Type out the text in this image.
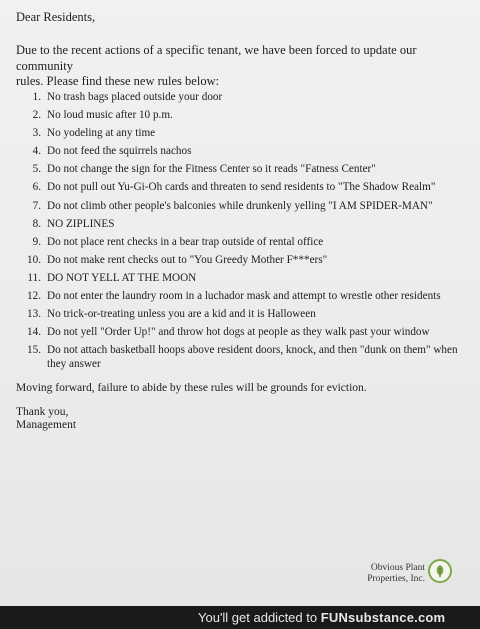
Dear Residents,
Due to the recent actions of a specific tenant, we have been forced to update our community
rules. Please find these new rules below:
1. No trash bags placed outside your door
2. No loud music after 10 p.m.
3. No yodeling at any time
4. Do not feed the squirrels nachos
5. Do not change the sign for the Fitness Center so it reads "Fatness Center"
6. Do not pull out Yu-Gi-Oh cards and threaten to send residents to "The Shadow Realm"
7. Do not climb other people's balconies while drunkenly yelling "I AM SPIDER-MAN"
8. NO ZIPLINES
9. Do not place rent checks in a bear trap outside of rental office
10. Do not make rent checks out to "You Greedy Mother F***ers"
11. DO NOT YELL AT THE MOON
12. Do not enter the laundry room in a luchador mask and attempt to wrestle other residents
13. No trick-or-treating unless you are a kid and it is Halloween
14. Do not yell "Order Up!" and throw hot dogs at people as they walk past your window
15. Do not attach basketball hoops above resident doors, knock, and then "dunk on them" when they answer
Moving forward, failure to abide by these rules will be grounds for eviction.
Thank you,
Management
Obvious Plant
Properties, Inc.
You'll get addicted to FUNsubstance.com
